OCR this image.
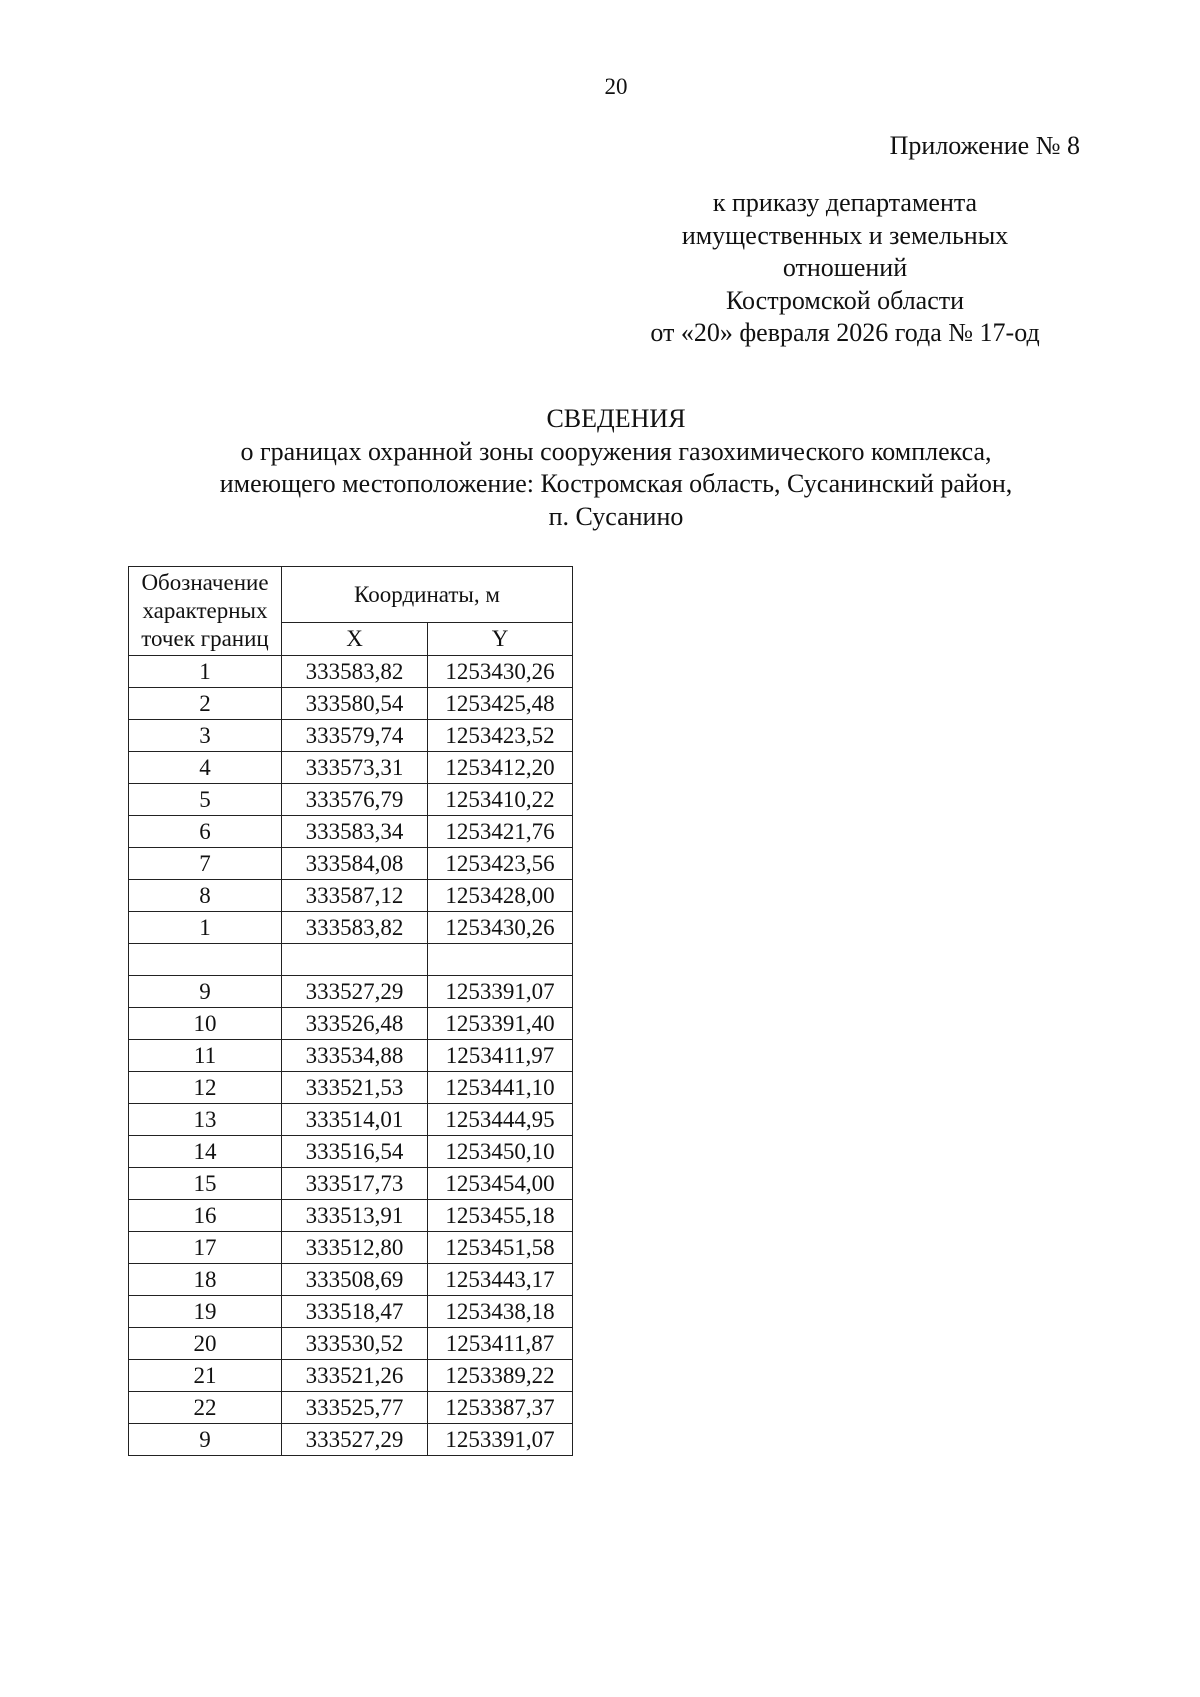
20
Приложение № 8
к приказу департамента
имущественных и земельных
отношений
Костромской области
от «20» февраля 2026 года № 17-од
СВЕДЕНИЯ
о границах охранной зоны сооружения газохимического комплекса,
имеющего местоположение: Костромская область, Сусанинский район,
п. Сусанино
Обозначение характерных точек границ	Координаты, м	
	X	Y
1	333583,82	1253430,26
2	333580,54	1253425,48
3	333579,74	1253423,52
4	333573,31	1253412,20
5	333576,79	1253410,22
6	333583,34	1253421,76
7	333584,08	1253423,56
8	333587,12	1253428,00
1	333583,82	1253430,26

9	333527,29	1253391,07
10	333526,48	1253391,40
11	333534,88	1253411,97
12	333521,53	1253441,10
13	333514,01	1253444,95
14	333516,54	1253450,10
15	333517,73	1253454,00
16	333513,91	1253455,18
17	333512,80	1253451,58
18	333508,69	1253443,17
19	333518,47	1253438,18
20	333530,52	1253411,87
21	333521,26	1253389,22
22	333525,77	1253387,37
9	333527,29	1253391,07
